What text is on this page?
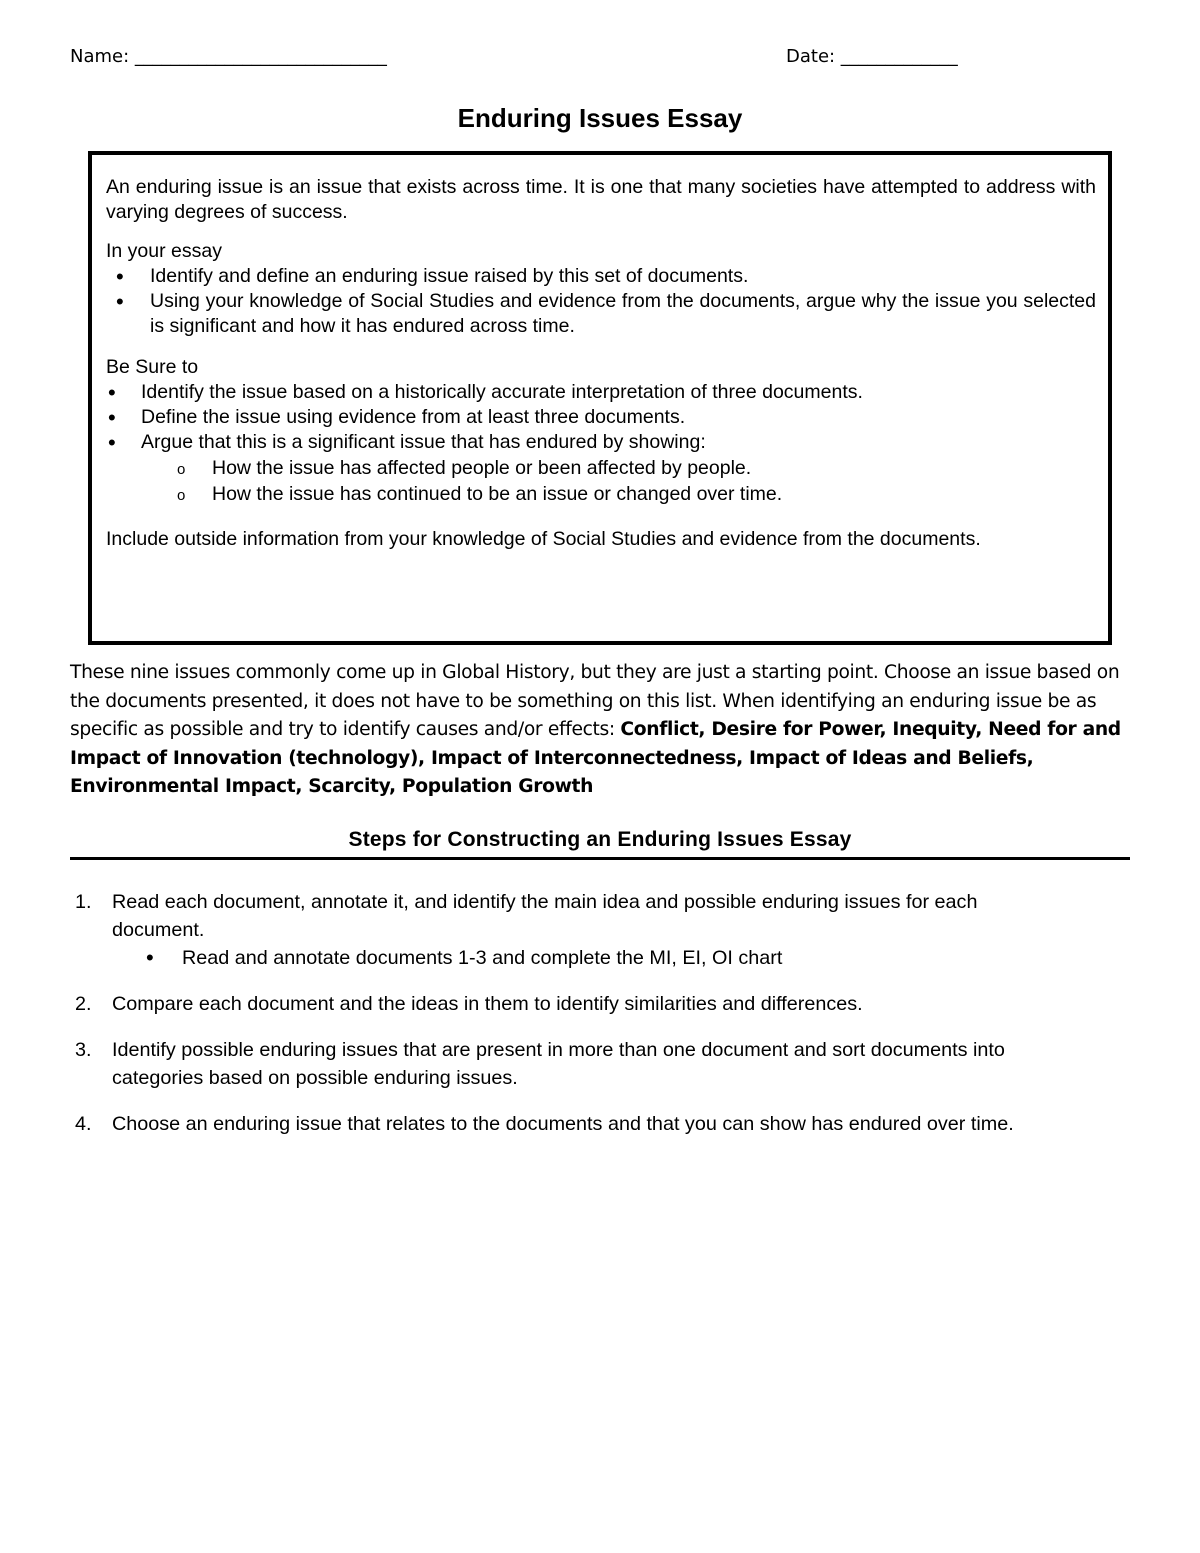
Name: ____________________________	Date: _____________
Enduring Issues Essay

An enduring issue is an issue that exists across time. It is one that many societies have attempted to address with varying degrees of success.

In your essay

• Identify and define an enduring issue raised by this set of documents.
• Using your knowledge of Social Studies and evidence from the documents, argue why the issue you selected is significant and how it has endured across time.

Be Sure to

• Identify the issue based on a historically accurate interpretation of three documents.
• Define the issue using evidence from at least three documents.
• Argue that this is a significant issue that has endured by showing:
o How the issue has affected people or been affected by people.
o How the issue has continued to be an issue or changed over time.

Include outside information from your knowledge of Social Studies and evidence from the documents.

These nine issues commonly come up in Global History, but they are just a starting point. Choose an issue based on the documents presented, it does not have to be something on this list. When identifying an enduring issue be as specific as possible and try to identify causes and/or effects: Conflict, Desire for Power, Inequity, Need for and Impact of Innovation (technology), Impact of Interconnectedness, Impact of Ideas and Beliefs, Environmental Impact, Scarcity, Population Growth
Steps for Constructing an Enduring Issues Essay
1. Read each document, annotate it, and identify the main idea and possible enduring issues for each document.
• Read and annotate documents 1-3 and complete the MI, EI, OI chart
2. Compare each document and the ideas in them to identify similarities and differences.
3. Identify possible enduring issues that are present in more than one document and sort documents into categories based on possible enduring issues.
4. Choose an enduring issue that relates to the documents and that you can show has endured over time.
